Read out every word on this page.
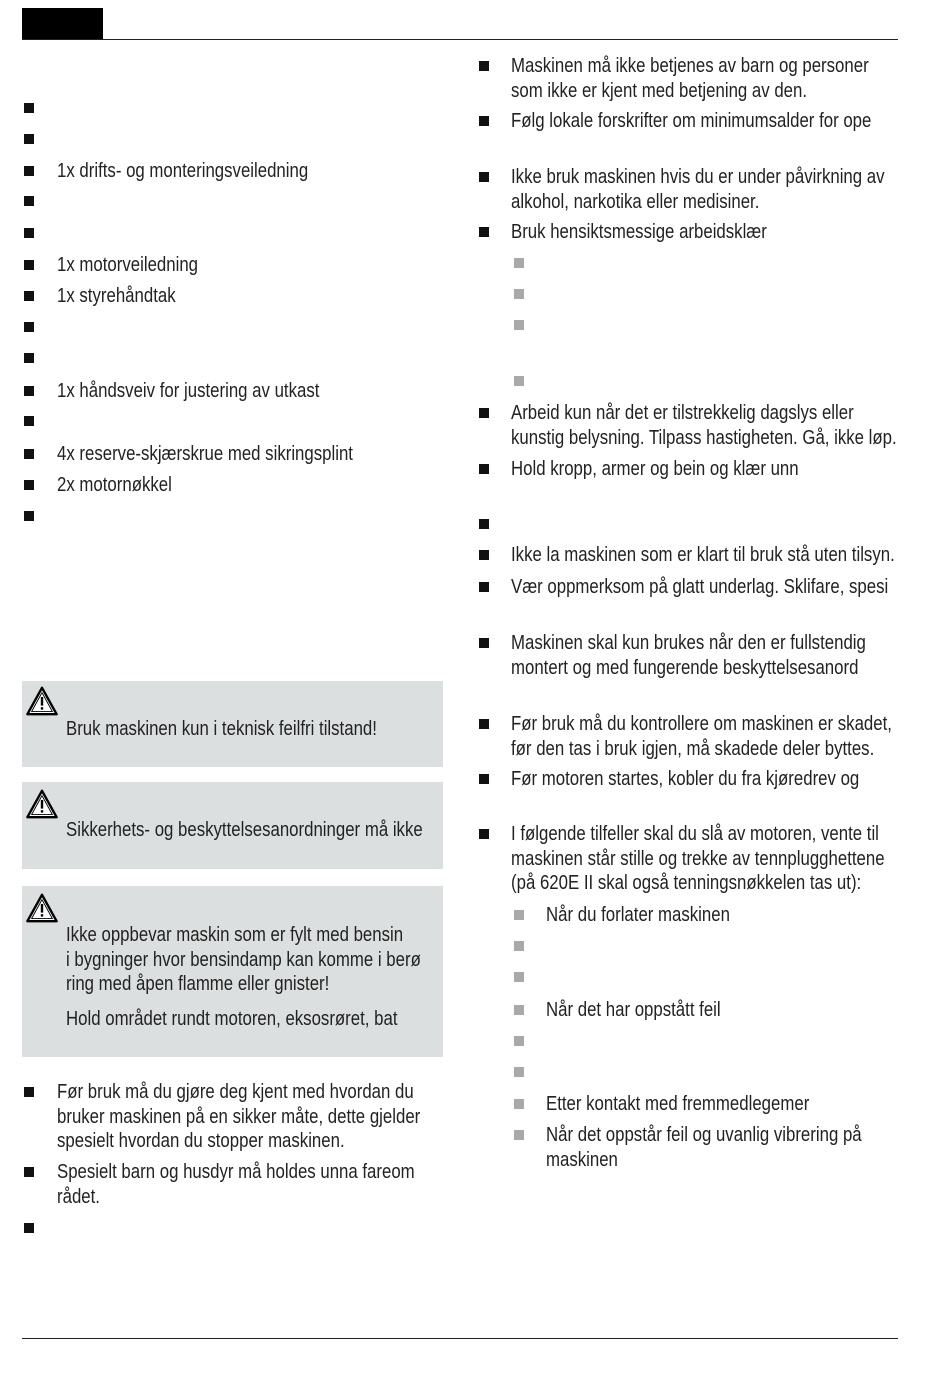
1x drifts- og monteringsveiledning
1x motorveiledning
1x styrehåndtak
1x håndsveiv for justering av utkast
4x reserve-skjærskrue med sikringsplint
2x motornøkkel
Bruk maskinen kun i teknisk feilfri tilstand!
Sikkerhets- og beskyttelsesanordninger må ikke
Ikke oppbevar maskin som er fylt med bensin
i bygninger hvor bensindamp kan komme i berø
ring med åpen flamme eller gnister!
Hold området rundt motoren, eksosrøret, bat
Før bruk må du gjøre deg kjent med hvordan du
bruker maskinen på en sikker måte, dette gjelder
spesielt hvordan du stopper maskinen.
Spesielt barn og husdyr må holdes unna fareom
rådet.
Maskinen må ikke betjenes av barn og personer
som ikke er kjent med betjening av den.
Følg lokale forskrifter om minimumsalder for ope
Ikke bruk maskinen hvis du er under påvirkning av
alkohol, narkotika eller medisiner.
Bruk hensiktsmessige arbeidsklær
Arbeid kun når det er tilstrekkelig dagslys eller
kunstig belysning. Tilpass hastigheten. Gå, ikke løp.
Hold kropp, armer og bein og klær unn
Ikke la maskinen som er klart til bruk stå uten tilsyn.
Vær oppmerksom på glatt underlag. Sklifare, spesi
Maskinen skal kun brukes når den er fullstendig
montert og med fungerende beskyttelsesanord
Før bruk må du kontrollere om maskinen er skadet,
før den tas i bruk igjen, må skadede deler byttes.
Før motoren startes, kobler du fra kjøredrev og
I følgende tilfeller skal du slå av motoren, vente til
maskinen står stille og trekke av tennplugghettene
(på 620E II skal også tenningsnøkkelen tas ut):
Når du forlater maskinen
Når det har oppstått feil
Etter kontakt med fremmedlegemer
Når det oppstår feil og uvanlig vibrering på
maskinen
